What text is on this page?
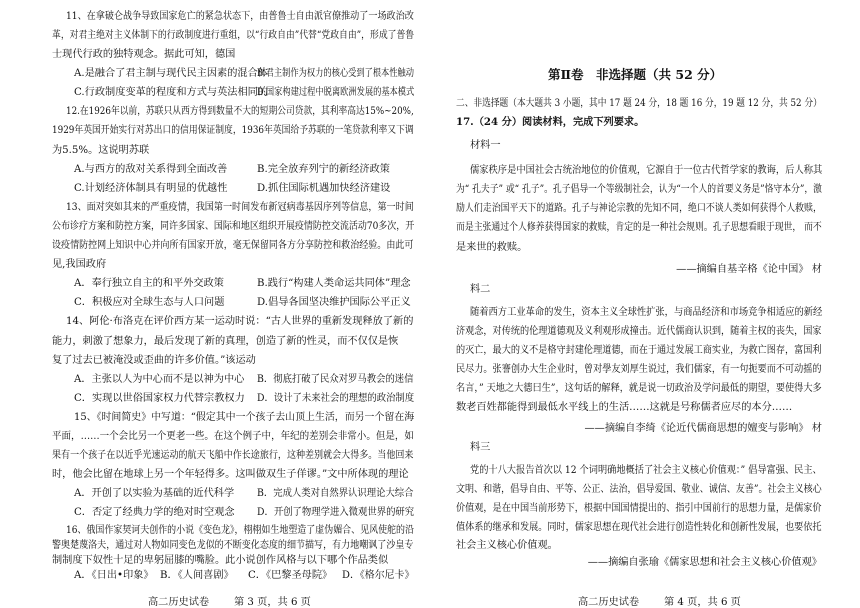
11、在拿破仑战争导致国家危亡的紧急状态下，由普鲁士自由派官僚推动了一场政治改
革，对君主绝对主义体制下的行政制度进行重组，以“行政自由”代替“党政自由”，形成了普鲁
士现代行政的独特观念。据此可知，德国
A.是融合了君主制与现代民主因素的混合体
B.君主制作为权力的核心受到了根本性触动
C.行政制度变革的程度和方式与英法相同的
D.国家构建过程中脱离欧洲发展的基本模式
12.在1926年以前，苏联只从西方得到数量不大的短期公司贷款，其利率高达15%~20%,
1929年英国开始实行对苏出口的信用保证制度，1936年英国给予苏联的一笔贷款利率又下调
为5.5%。这说明苏联
A.与西方的敌对关系得到全面改善	B.完全放弃列宁的新经济政策
C.计划经济体制具有明显的优越性	D.抓住国际机遇加快经济建设
13、面对突如其来的严重疫情，我国第一时间发布新冠病毒基因序列等信息，第一时间
公布诊疗方案和防控方案，同许多国家、国际和地区组织开展疫情防控交流活动70多次，开
设疫情防控网上知识中心并向所有国家开放，毫无保留同各方分享防控和救治经验。由此可
见,我国政府
A．奉行独立自主的和平外交政策	B.践行“构建人类命运共同体”理念
C．积极应对全球生态与人口问题	D.倡导各国坚决维护国际公平正义
14、阿伦·布洛克在评价西方某一运动时说：“古人世界的重新发现释放了新的
能力，刺激了想象力，最后发现了新的真理，创造了新的性灵，而不仅仅是恢
复了过去已被淹没或歪曲的许多价值。”该运动
A．主张以人为中心而不是以神为中心 B．彻底打破了民众对罗马教会的迷信
C．实现以世俗国家权力代替宗教权力 D．设计了未来社会的理想的政治制度
15、《时间简史》中写道：“假定其中一个孩子去山顶上生活，而另一个留在海
平面，……一个会比另一个更老一些。在这个例子中，年纪的差别会非常小。但是，如
果有一个孩子在以近乎光速运动的航天飞船中作长途旅行，这种差别就会大得多。当他回来
时，他会比留在地球上另一个年轻得多。这叫做双生子佯谬。”文中所体现的理论
A．开创了以实验为基础的近代科学 B．完成人类对自然界认识理论大综合
C．否定了经典力学的绝对时空观念 D．开创了物理学进入微观世界的研究
16、俄国作家契诃夫创作的小说《变色龙》，栩栩如生地塑造了虚伪媚合、见风使舵的沿
警奥楚蔑洛夫，通过对人物如同变色龙似的不断变化态度的细节描写，有力地嘲讽了沙皇专
制制度下奴性十足的卑躬屈膝的嘴脸。此小说创作风格与以下哪个作品类似
A．《日出•印象》 B．《人间喜剧》 C．《巴黎圣母院》 D．《格尔尼卡》
高二历史试卷 第 3 页，共 6 页
第Ⅱ卷　非选择题（共 52 分）
二、非选择题（本大题共 3 小题，其中 17 题 24 分，18 题 16 分，19 题 12 分，共 52 分）
17.（24 分）阅读材料，完成下列要求。
材料一
儒家秩序是中国社会古统治地位的价值观，它源自于一位古代哲学家的教诲，后人称其
为“ 孔夫子” 或“ 孔子”。孔子倡导一个等级制社会，认为“一个人的首要义务是”恪守本分”，激
励人们走治国平天下的道路。孔子与神论宗教的先知不同，绝口不谈人类如何获得个人救赎，
而是主张通过个人修养获得国家的救赎，肯定的是一种社会规则。孔子思想看眼于现世， 而不
是来世的救赎。
——摘编自基辛格《论中国》 材
料二
随着西方工业革命的发生，资本主义全球性扩张，与商品经济和市场竞争相适应的新经
济观念，对传统的伦理道德观及义利观形成撞击。近代儒商认识到，随着主权的丧失，国家
的灭亡，最大的义不是格守封建伦理道德，而在于通过发展工商实业，为救亡图存，富国利
民尽力。张謇创办大生企业时，曾对學友刘厚生说过，我们儒家，有一句扼要而不可动摇的
名言，” 天地之大德曰生”，这句话的解释，就是说一切政治及学问最低的期望，要使得大多
数老百姓都能得到最低水平线上的生活……这就是号称儒者应尽的本分……
——摘编自李绮《论近代儒商思想的嬗变与影响》 材
料三
党的十八大报告首次以 12 个词明确地概括了社会主义核心价值观：” 倡导富强、民主、
文明、和谐，倡导自由、平等、公正、法治，倡导爱国、敬业、诚信、友善”。社会主义核心
价值观，是在中国当前形势下，根据中国国情提出的、指引中国前行的思想力量，是儒家价
值体系的继承和发展。同时，儒家思想在现代社会进行创造性转化和创新性发展，也要依托
社会主义核心价值观。
——摘编自张瑜《儒家思想和社会主义核心价值观》
高二历史试卷 第 4 页，共 6 页
